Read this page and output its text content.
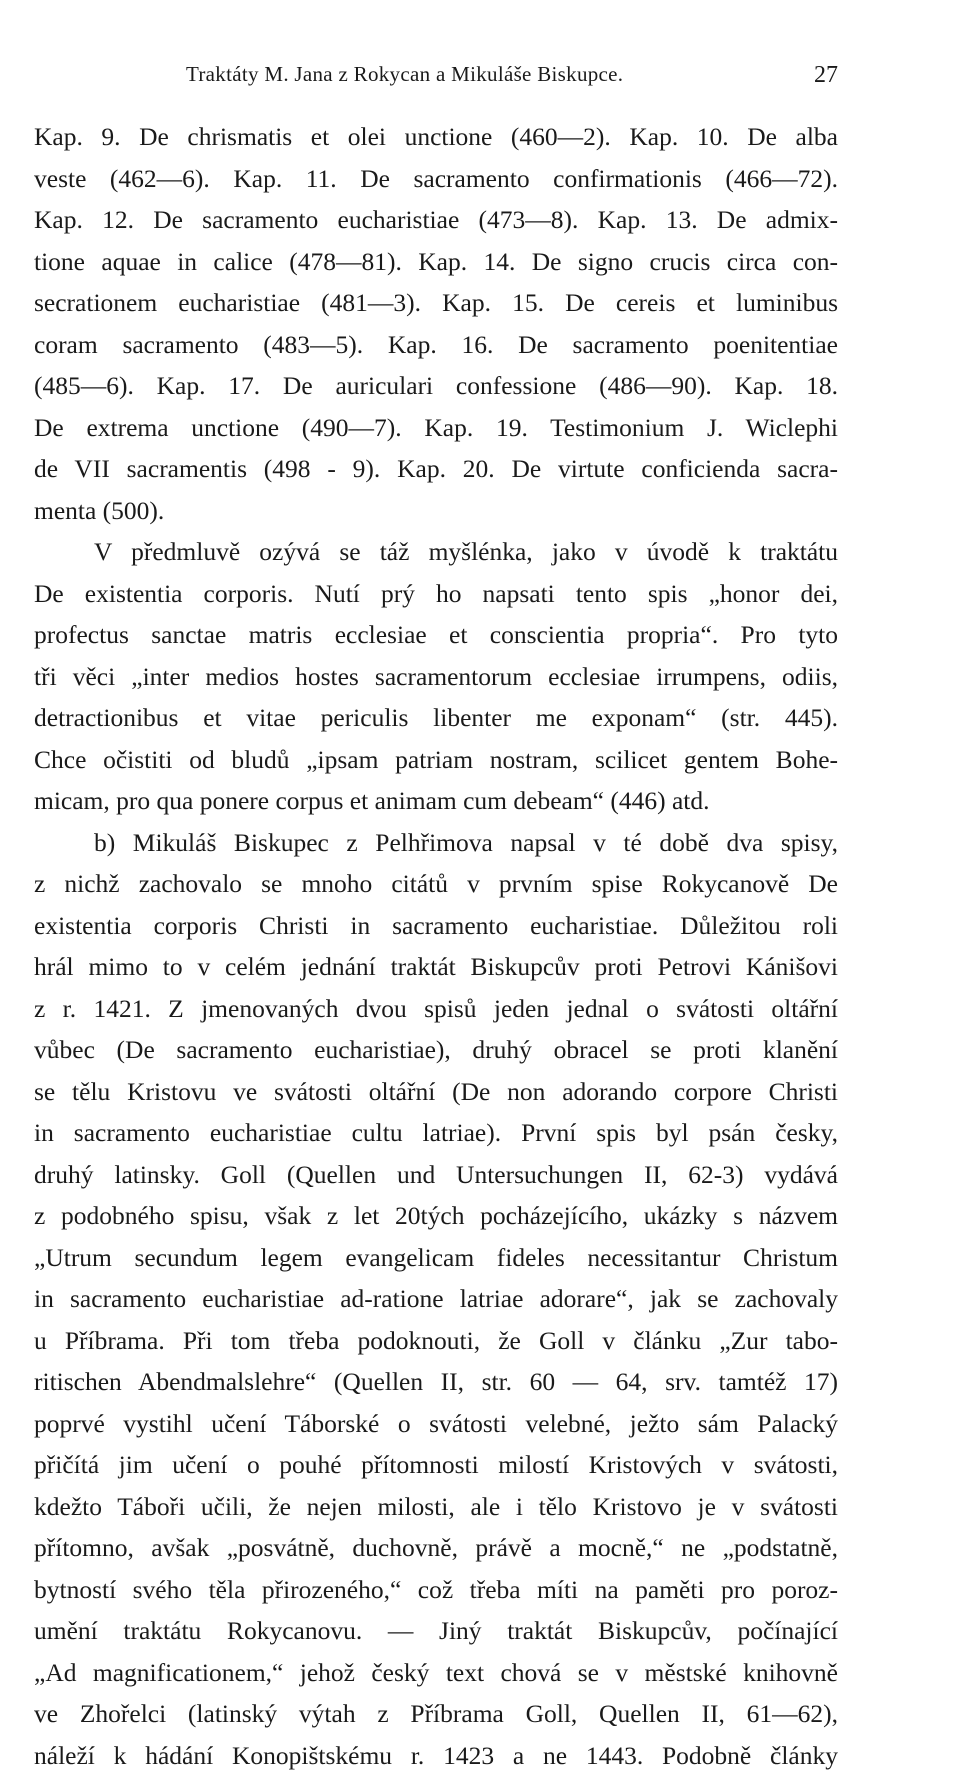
Traktáty M. Jana z Rokycan a Mikuláše Biskupce.	27
Kap. 9. De chrismatis et olei unctione (460—2). Kap. 10. De alba
veste (462—6). Kap. 11. De sacramento confirmationis (466—72).
Kap. 12. De sacramento eucharistiae (473—8). Kap. 13. De admix-
tione aquae in calice (478—81). Kap. 14. De signo crucis circa con-
secrationem eucharistiae (481—3). Kap. 15. De cereis et luminibus
coram sacramento (483—5). Kap. 16. De sacramento poenitentiae
(485—6). Kap. 17. De auriculari confessione (486—90). Kap. 18.
De extrema unctione (490—7). Kap. 19. Testimonium J. Wiclephi
de VII sacramentis (498 - 9). Kap. 20. De virtute conficienda sacra-
menta (500).
V předmluvě ozývá se táž myšlénka, jako v úvodě k traktátu
De existentia corporis. Nutí prý ho napsati tento spis „honor dei,
profectus sanctae matris ecclesiae et conscientia propria“. Pro tyto
tři věci „inter medios hostes sacramentorum ecclesiae irrumpens, odiis,
detractionibus et vitae periculis libenter me exponam“ (str. 445).
Chce očistiti od bludů „ipsam patriam nostram, scilicet gentem Bohe-
micam, pro qua ponere corpus et animam cum debeam“ (446) atd.
b) Mikuláš Biskupec z Pelhřimova napsal v té době dva spisy,
z nichž zachovalo se mnoho citátů v prvním spise Rokycanově De
existentia corporis Christi in sacramento eucharistiae. Důležitou roli
hrál mimo to v celém jednání traktát Biskupcův proti Petrovi Kánišovi
z r. 1421. Z jmenovaných dvou spisů jeden jednal o svátosti oltářní
vůbec (De sacramento eucharistiae), druhý obracel se proti klanění
se tělu Kristovu ve svátosti oltářní (De non adorando corpore Christi
in sacramento eucharistiae cultu latriae). První spis byl psán česky,
druhý latinsky. Goll (Quellen und Untersuchungen II, 62-3) vydává
z podobného spisu, však z let 20tých pocházejícího, ukázky s názvem
„Utrum secundum legem evangelicam fideles necessitantur Christum
in sacramento eucharistiae ad-ratione latriae adorare“, jak se zachovaly
u Příbrama. Při tom třeba podoknouti, že Goll v článku „Zur tabo-
ritischen Abendmalslehre“ (Quellen II, str. 60 — 64, srv. tamtéž 17)
poprvé vystihl učení Táborské o svátosti velebné, ježto sám Palacký
přičítá jim učení o pouhé přítomnosti milostí Kristových v svátosti,
kdežto Táboři učili, že nejen milosti, ale i tělo Kristovo je v svátosti
přítomno, avšak „posvátně, duchovně, právě a mocně,“ ne „podstatně,
bytností svého těla přirozeného,“ což třeba míti na paměti pro poroz-
umění traktátu Rokycanovu. — Jiný traktát Biskupcův, počínající
„Ad magnificationem,“ jehož český text chová se v městské knihovně
ve Zhořelci (latinský výtah z Příbrama Goll, Quellen II, 61—62),
náleží k hádání Konopištskému r. 1423 a ne 1443. Podobně články
